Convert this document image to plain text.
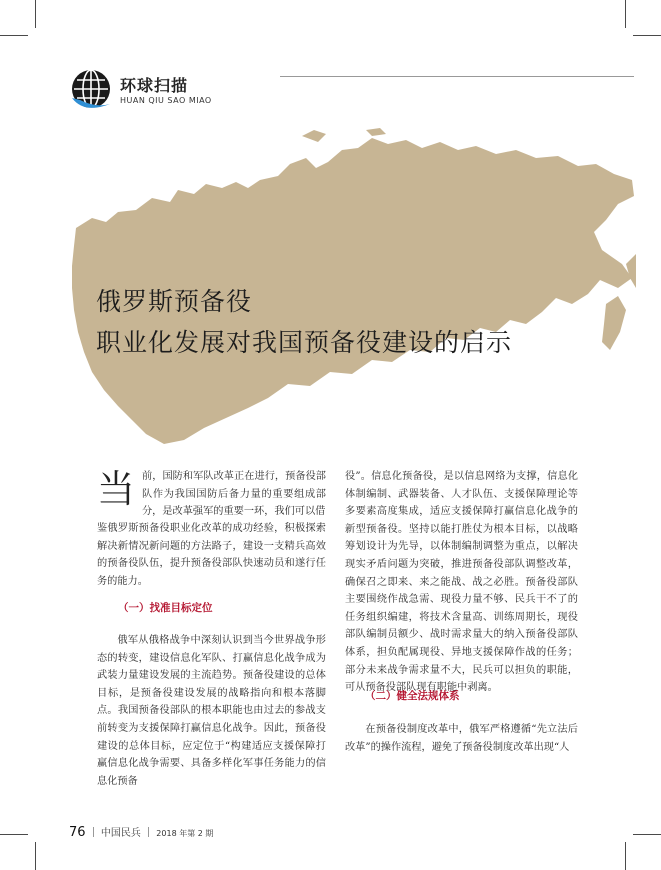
环球扫描
HUAN QIU SAO MIAO
俄罗斯预备役
职业化发展对我国预备役建设的启示
当 前，国防和军队改革正在进行，预备役部队作为我国国防后备力量的重要组成部分，是改革强军的重要一环，我们可以借
鉴俄罗斯预备役职业化改革的成功经验，积极探索解决新情况新问题的方法路子，建设一支精兵高效的预备役队伍，提升预备役部队快速动员和遂行任务的能力。
（一）找准目标定位

俄军从俄格战争中深刻认识到当今世界战争形态的转变，建设信息化军队、打赢信息化战争成为武装力量建设发展的主流趋势。预备役建设的总体目标，是预备役建设发展的战略指向和根本落脚点。我国预备役部队的根本职能也由过去的参战支前转变为支援保障打赢信息化战争。因此，预备役建设的总体目标，应定位于“构建适应支援保障打赢信息化战争需要、具备多样化军事任务能力的信息化预备

役”。信息化预备役，是以信息网络为支撑，信息化体制编制、武器装备、人才队伍、支援保障理论等多要素高度集成，适应支援保障打赢信息化战争的新型预备役。坚持以能打胜仗为根本目标，以战略筹划设计为先导，以体制编制调整为重点，以解决现实矛盾问题为突破，推进预备役部队调整改革，确保召之即来、来之能战、战之必胜。预备役部队主要围绕作战急需、现役力量不够、民兵干不了的任务组织编建，将技术含量高、训练周期长，现役部队编制员额少、战时需求量大的纳入预备役部队体系，担负配属现役、异地支援保障作战的任务；部分未来战争需求量不大，民兵可以担负的职能，可从预备役部队现有职能中剥离。

（二）健全法规体系

在预备役制度改革中，俄军严格遵循“先立法后改革”的操作流程，避免了预备役制度改革出现“人

76 中国民兵 2018 年第 2 期
